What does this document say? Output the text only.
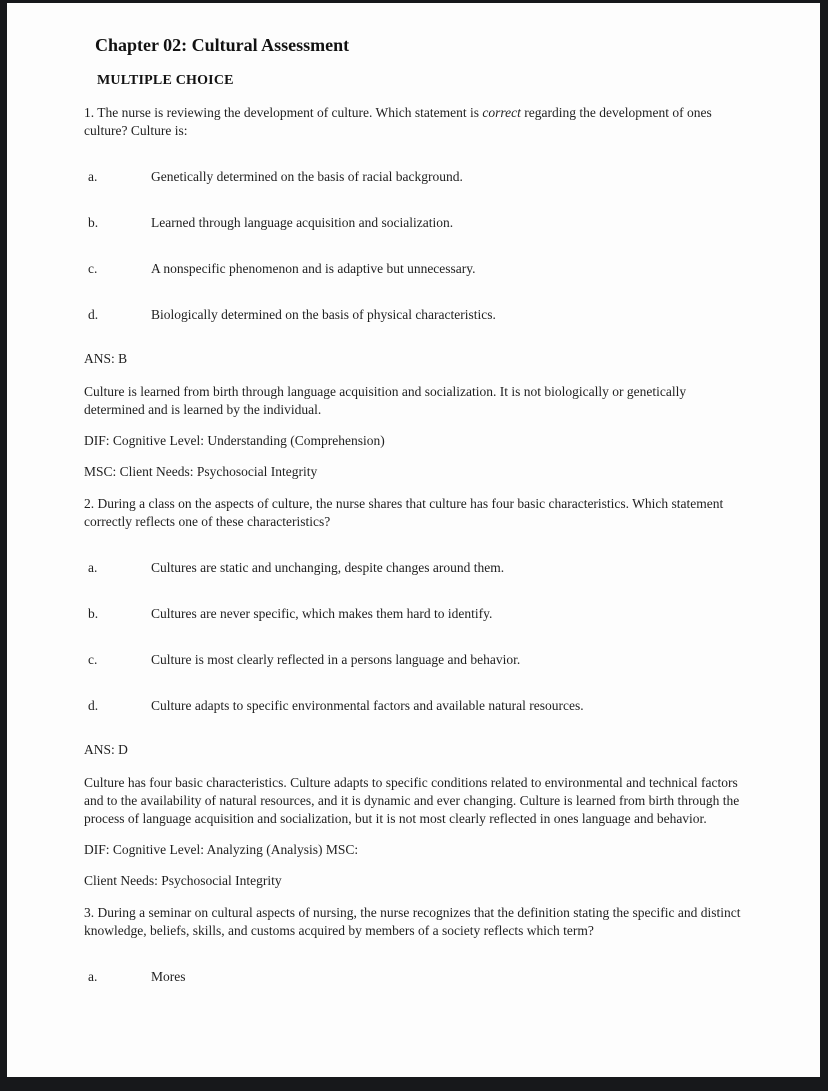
Chapter 02: Cultural Assessment
MULTIPLE CHOICE

1. The nurse is reviewing the development of culture. Which statement is correct regarding the development of ones culture? Culture is:

a.	Genetically determined on the basis of racial background.
b.	Learned through language acquisition and socialization.
c.	A nonspecific phenomenon and is adaptive but unnecessary.
d.	Biologically determined on the basis of physical characteristics.

ANS: B

Culture is learned from birth through language acquisition and socialization. It is not biologically or genetically determined and is learned by the individual.

DIF: Cognitive Level: Understanding (Comprehension)

MSC: Client Needs: Psychosocial Integrity

2. During a class on the aspects of culture, the nurse shares that culture has four basic characteristics. Which statement correctly reflects one of these characteristics?

a.	Cultures are static and unchanging, despite changes around them.
b.	Cultures are never specific, which makes them hard to identify.
c.	Culture is most clearly reflected in a persons language and behavior.
d.	Culture adapts to specific environmental factors and available natural resources.

ANS: D

Culture has four basic characteristics. Culture adapts to specific conditions related to environmental and technical factors and to the availability of natural resources, and it is dynamic and ever changing. Culture is learned from birth through the process of language acquisition and socialization, but it is not most clearly reflected in ones language and behavior.

DIF: Cognitive Level: Analyzing (Analysis) MSC:

Client Needs: Psychosocial Integrity

3. During a seminar on cultural aspects of nursing, the nurse recognizes that the definition stating the specific and distinct knowledge, beliefs, skills, and customs acquired by members of a society reflects which term?

a.	Mores
